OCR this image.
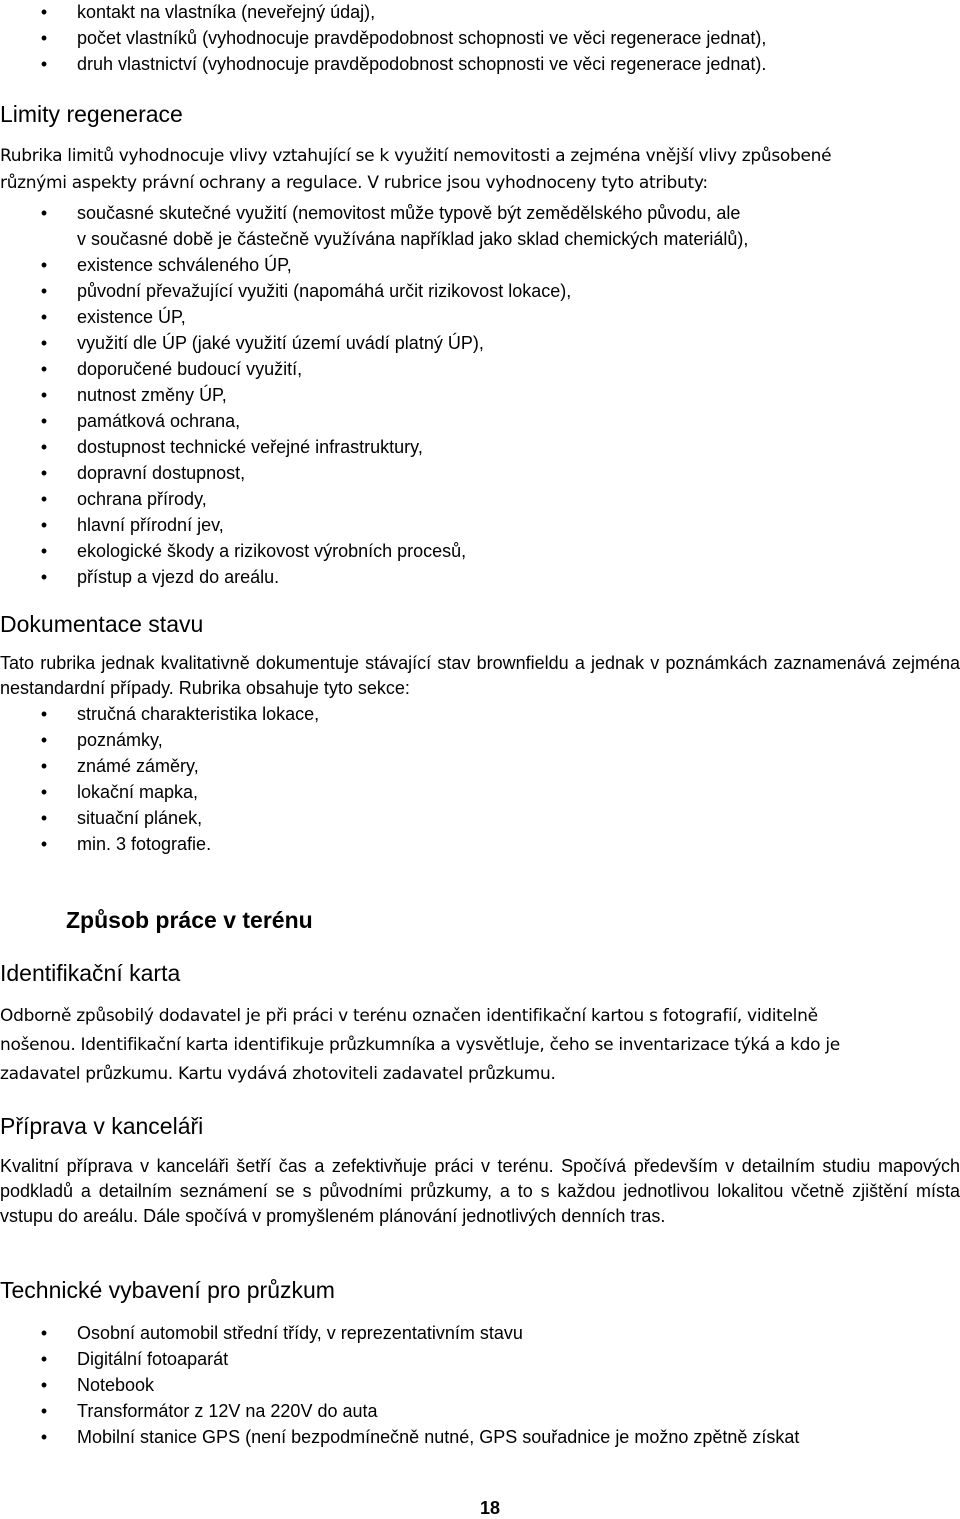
• kontakt na vlastníka (neveřejný údaj),
• počet vlastníků (vyhodnocuje pravděpodobnost schopnosti ve věci regenerace jednat),
• druh vlastnictví (vyhodnocuje pravděpodobnost schopnosti ve věci regenerace jednat).
Limity regenerace

Rubrika limitů vyhodnocuje vlivy vztahující se k využití nemovitosti a zejména vnější vlivy způsobené

různými aspekty právní ochrany a regulace. V rubrice jsou vyhodnoceny tyto atributy:

• současné skutečné využití (nemovitost může typově být zemědělského původu, ale
v současné době je částečně využívána například jako sklad chemických materiálů),
• existence schváleného ÚP,
• původní převažující využiti (napomáhá určit rizikovost lokace),
• existence ÚP,
• využití dle ÚP (jaké využití území uvádí platný ÚP),
• doporučené budoucí využití,
• nutnost změny ÚP,
• památková ochrana,
• dostupnost technické veřejné infrastruktury,
• dopravní dostupnost,
• ochrana přírody,
• hlavní přírodní jev,
• ekologické škody a rizikovost výrobních procesů,
• přístup a vjezd do areálu.
Dokumentace stavu

Tato rubrika jednak kvalitativně dokumentuje stávající stav brownfieldu a jednak v poznámkách zaznamenává zejména nestandardní případy. Rubrika obsahuje tyto sekce:

• stručná charakteristika lokace,
• poznámky,
• známé záměry,
• lokační mapka,
• situační plánek,
• min. 3 fotografie.
Způsob práce v terénu
Identifikační karta

Odborně způsobilý dodavatel je při práci v terénu označen identifikační kartou s fotografií, viditelně

nošenou. Identifikační karta identifikuje průzkumníka a vysvětluje, čeho se inventarizace týká a kdo je

zadavatel průzkumu. Kartu vydává zhotoviteli zadavatel průzkumu.

Příprava v kanceláři

Kvalitní příprava v kanceláři šetří čas a zefektivňuje práci v terénu. Spočívá především v detailním studiu mapových podkladů a detailním seznámení se s původními průzkumy, a to s každou jednotlivou lokalitou včetně zjištění místa vstupu do areálu. Dále spočívá v promyšleném plánování jednotlivých denních tras.

Technické vybavení pro průzkum
• Osobní automobil střední třídy, v reprezentativním stavu
• Digitální fotoaparát
• Notebook
• Transformátor z 12V na 220V do auta
• Mobilní stanice GPS (není bezpodmínečně nutné, GPS souřadnice je možno zpětně získat
18
